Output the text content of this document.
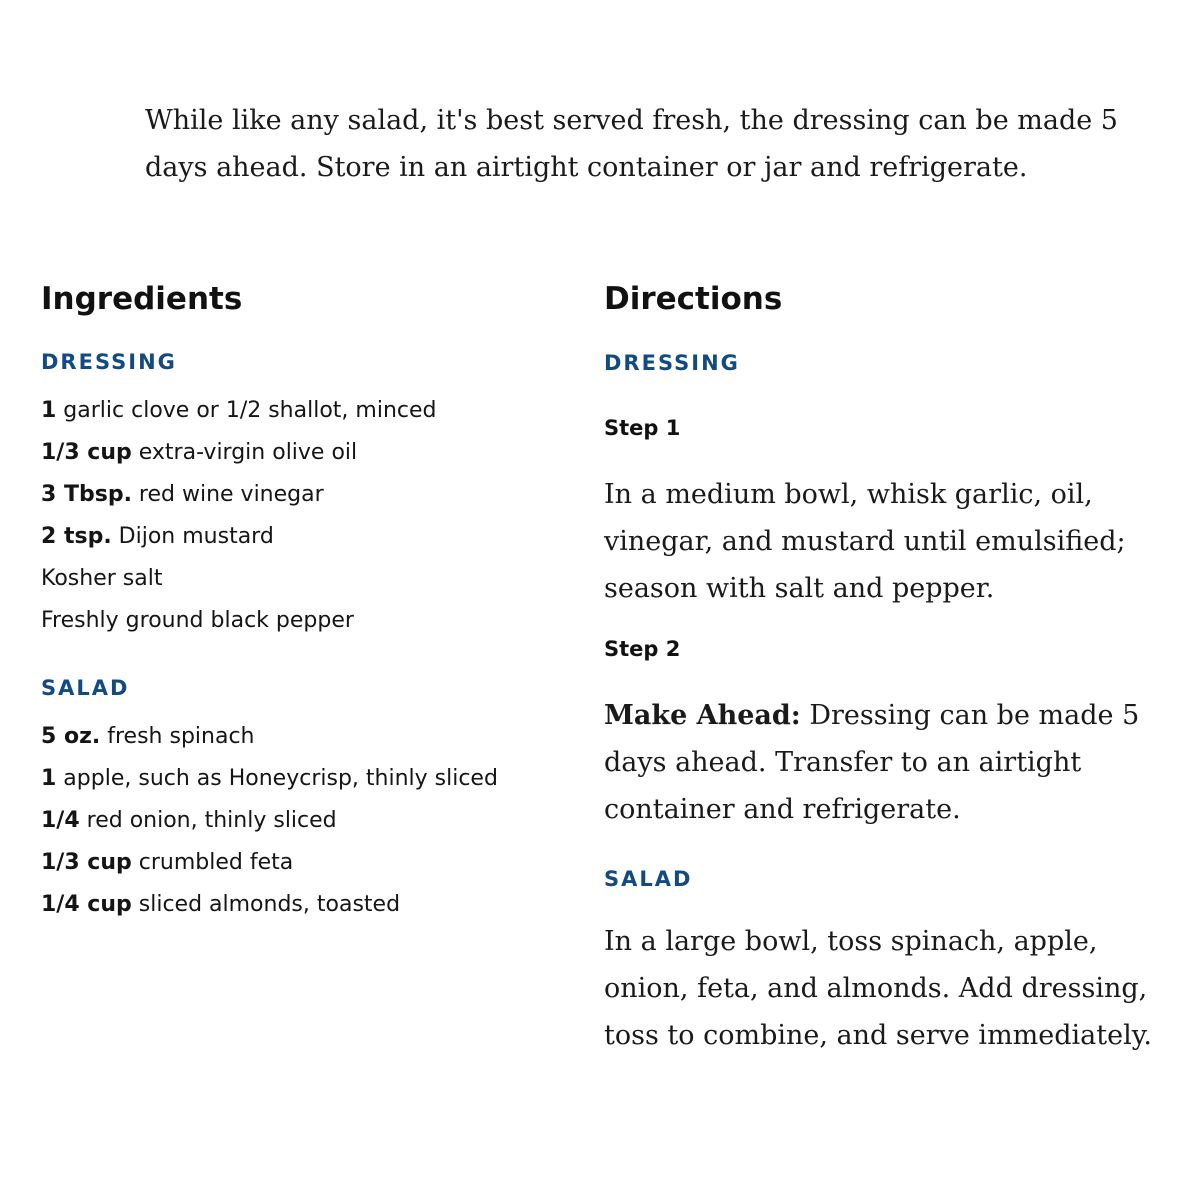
While like any salad, it's best served fresh, the dressing can be made 5 days ahead. Store in an airtight container or jar and refrigerate.

Ingredients
DRESSING
1 garlic clove or 1/2 shallot, minced
1/3 cup extra-virgin olive oil
3 Tbsp. red wine vinegar
2 tsp. Dijon mustard
Kosher salt
Freshly ground black pepper
SALAD
5 oz. fresh spinach
1 apple, such as Honeycrisp, thinly sliced
1/4 red onion, thinly sliced
1/3 cup crumbled feta
1/4 cup sliced almonds, toasted
Directions
DRESSING

Step 1

In a medium bowl, whisk garlic, oil, vinegar, and mustard until emulsified; season with salt and pepper.

Step 2

Make Ahead: Dressing can be made 5 days ahead. Transfer to an airtight container and refrigerate.

SALAD

In a large bowl, toss spinach, apple, onion, feta, and almonds. Add dressing, toss to combine, and serve immediately.
